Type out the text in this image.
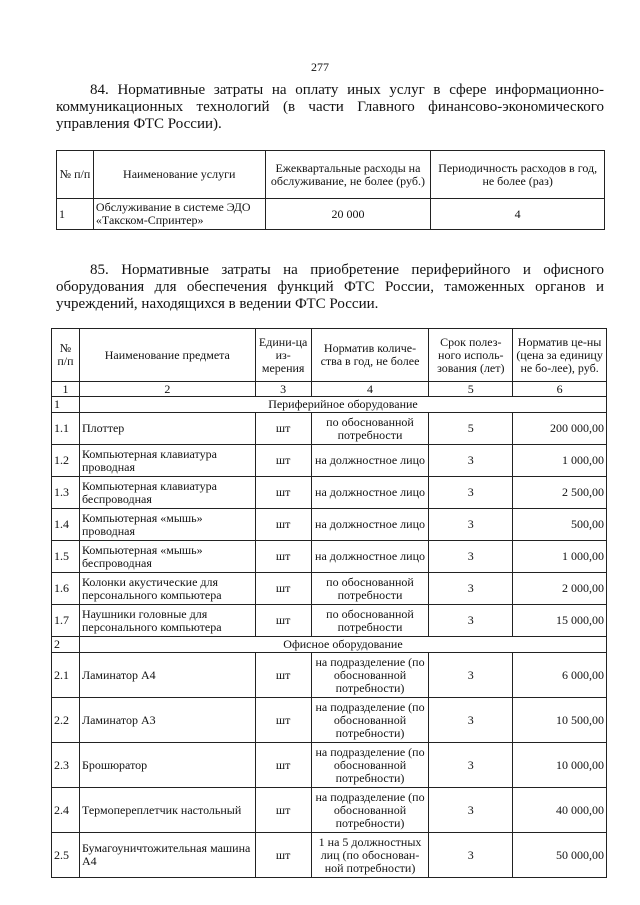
277
84. Нормативные затраты на оплату иных услуг в сфере информационно-коммуникационных технологий (в части Главного финансово-экономического управления ФТС России).
№ п/п	Наименование услуги	Ежеквартальные расходы на обслуживание, не более (руб.)	Периодичность расходов в год, не более (раз)
1	Обслуживание в системе ЭДО «Такском-Спринтер»	20 000	4
85. Нормативные затраты на приобретение периферийного и офисного оборудования для обеспечения функций ФТС России, таможенных органов и учреждений, находящихся в ведении ФТС России.
№ п/п	Наименование предмета	Едини-ца из-мерения	Норматив количе-ства в год, не более	Срок полез-ного исполь-зования (лет)	Норматив це-ны (цена за единицу не бо-лее), руб.
1	2	3	4	5	6
1	Периферийное оборудование				
1.1	Плоттер	шт	по обоснованной потребности	5	200 000,00
1.2	Компьютерная клавиатура проводная	шт	на должностное лицо	3	1 000,00
1.3	Компьютерная клавиатура беспроводная	шт	на должностное лицо	3	2 500,00
1.4	Компьютерная «мышь» проводная	шт	на должностное лицо	3	500,00
1.5	Компьютерная «мышь» беспроводная	шт	на должностное лицо	3	1 000,00
1.6	Колонки акустические для персонального компьютера	шт	по обоснованной потребности	3	2 000,00
1.7	Наушники головные для персонального компьютера	шт	по обоснованной потребности	3	15 000,00
2	Офисное оборудование				
2.1	Ламинатор А4	шт	на подразделение (по обоснованной потребности)	3	6 000,00
2.2	Ламинатор А3	шт	на подразделение (по обоснованной потребности)	3	10 500,00
2.3	Брошюратор	шт	на подразделение (по обоснованной потребности)	3	10 000,00
2.4	Термопереплетчик настольный	шт	на подразделение (по обоснованной потребности)	3	40 000,00
2.5	Бумагоуничтожительная машина А4	шт	1 на 5 должностных лиц (по обоснован-ной потребности)	3	50 000,00
